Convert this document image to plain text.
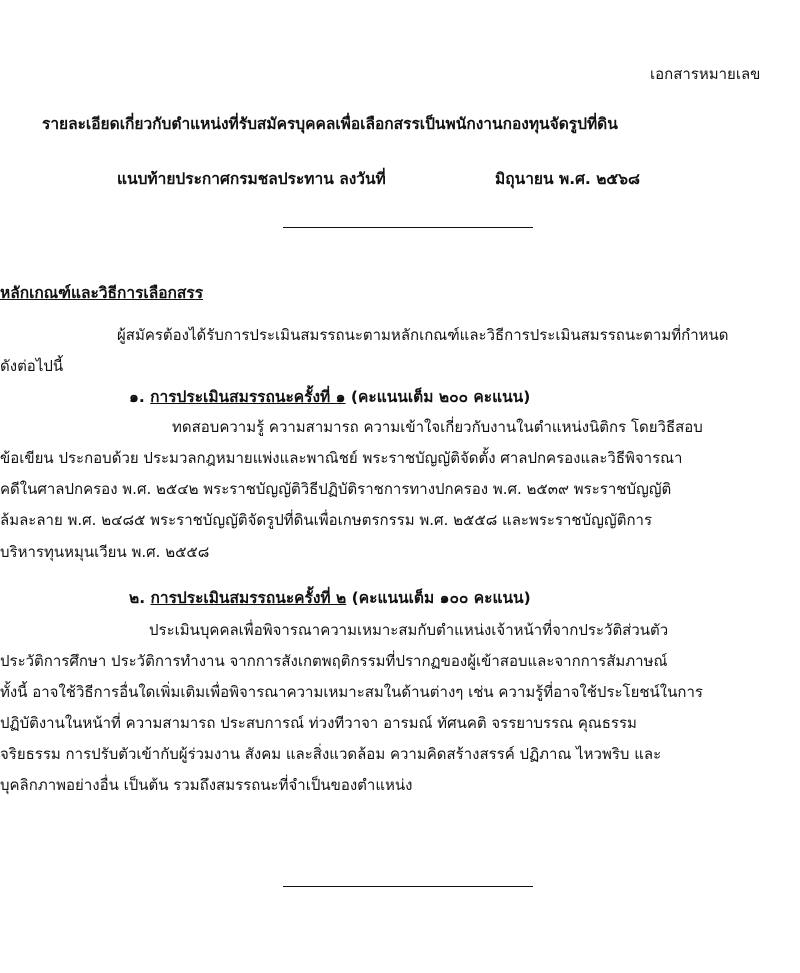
เอกสารหมายเลข
รายละเอียดเกี่ยวกับตำแหน่งที่รับสมัครบุคคลเพื่อเลือกสรรเป็นพนักงานกองทุนจัดรูปที่ดิน
แนบท้ายประกาศกรมชลประทาน ลงวันที่	มิถุนายน พ.ศ. ๒๕๖๘
หลักเกณฑ์และวิธีการเลือกสรร
ผู้สมัครต้องได้รับการประเมินสมรรถนะตามหลักเกณฑ์และวิธีการประเมินสมรรถนะตามที่กำหนด
ดังต่อไปนี้
๑. การประเมินสมรรถนะครั้งที่ ๑ (คะแนนเต็ม ๒๐๐ คะแนน)
ทดสอบความรู้ ความสามารถ ความเข้าใจเกี่ยวกับงานในตำแหน่งนิติกร โดยวิธีสอบ
ข้อเขียน ประกอบด้วย ประมวลกฎหมายแพ่งและพาณิชย์ พระราชบัญญัติจัดตั้ง ศาลปกครองและวิธีพิจารณา
คดีในศาลปกครอง พ.ศ. ๒๕๔๒ พระราชบัญญัติวิธีปฏิบัติราชการทางปกครอง พ.ศ. ๒๕๓๙ พระราชบัญญัติ
ล้มละลาย พ.ศ. ๒๔๘๕ พระราชบัญญัติจัดรูปที่ดินเพื่อเกษตรกรรม พ.ศ. ๒๕๕๘ และพระราชบัญญัติการ
บริหารทุนหมุนเวียน พ.ศ. ๒๕๕๘
๒. การประเมินสมรรถนะครั้งที่ ๒ (คะแนนเต็ม ๑๐๐ คะแนน)
ประเมินบุคคลเพื่อพิจารณาความเหมาะสมกับตำแหน่งเจ้าหน้าที่จากประวัติส่วนตัว
ประวัติการศึกษา ประวัติการทำงาน จากการสังเกตพฤติกรรมที่ปรากฏของผู้เข้าสอบและจากการสัมภาษณ์
ทั้งนี้ อาจใช้วิธีการอื่นใดเพิ่มเติมเพื่อพิจารณาความเหมาะสมในด้านต่างๆ เช่น ความรู้ที่อาจใช้ประโยชน์ในการ
ปฏิบัติงานในหน้าที่ ความสามารถ ประสบการณ์ ท่วงทีวาจา อารมณ์ ทัศนคติ จรรยาบรรณ คุณธรรม
จริยธรรม การปรับตัวเข้ากับผู้ร่วมงาน สังคม และสิ่งแวดล้อม ความคิดสร้างสรรค์ ปฏิภาณ ไหวพริบ และ
บุคลิกภาพอย่างอื่น เป็นต้น รวมถึงสมรรถนะที่จำเป็นของตำแหน่ง
